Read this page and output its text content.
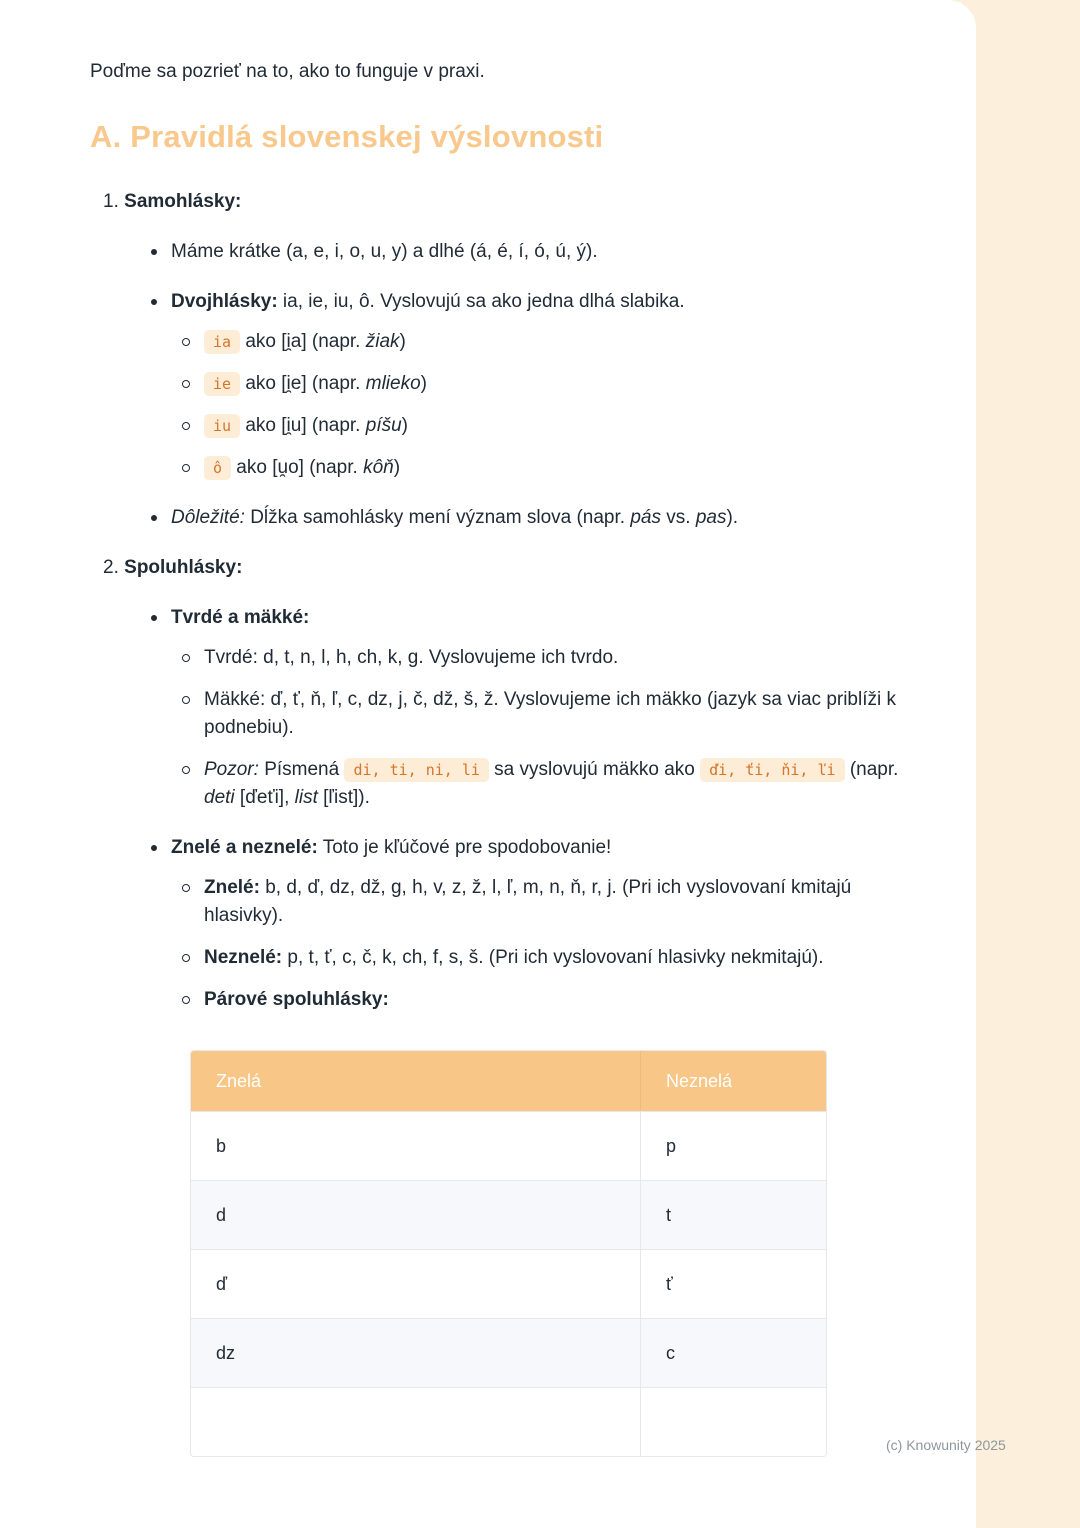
Poďme sa pozrieť na to, ako to funguje v praxi.

A. Pravidlá slovenskej výslovnosti
1. Samohlásky:
Máme krátke (a, e, i, o, u, y) a dlhé (á, é, í, ó, ú, ý).
Dvojhlásky: ia, ie, iu, ô. Vyslovujú sa ako jedna dlhá slabika.
ia ako [i̯a] (napr. žiak)
ie ako [i̯e] (napr. mlieko)
iu ako [i̯u] (napr. píšu)
ô ako [u̯o] (napr. kôň)
Dôležité: Dĺžka samohlásky mení význam slova (napr. pás vs. pas).
2. Spoluhlásky:
Tvrdé a mäkké:
Tvrdé: d, t, n, l, h, ch, k, g. Vyslovujeme ich tvrdo.
Mäkké: ď, ť, ň, ľ, c, dz, j, č, dž, š, ž. Vyslovujeme ich mäkko (jazyk sa viac priblíži k podnebiu).
Pozor: Písmená di, ti, ni, li sa vyslovujú mäkko ako ďi, ťi, ňi, ľi (napr. deti [ďeťi], list [ľist]).
Znelé a neznelé: Toto je kľúčové pre spodobovanie!
Znelé: b, d, ď, dz, dž, g, h, v, z, ž, l, ľ, m, n, ň, r, j. (Pri ich vyslovovaní kmitajú hlasivky).
Neznelé: p, t, ť, c, č, k, ch, f, s, š. (Pri ich vyslovovaní hlasivky nekmitajú).
Párové spoluhlásky:
Znelá	Neznelá
b	p
d	t
ď	ť
dz	c
(c) Knowunity 2025
